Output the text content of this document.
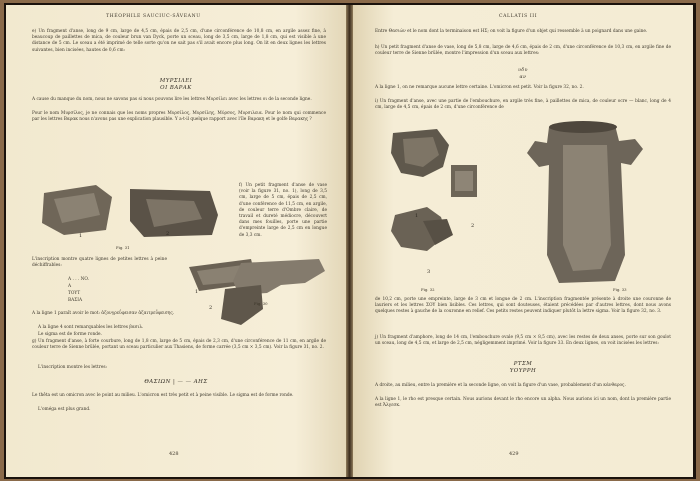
THÉOPHILE SAUCIUC-SĂVEANU

e) Un fragment d'anse, long de 9 cm, large de 4,5 cm, épais de 2,5 cm, d'une circonférence de 10,8 cm, en argile assez fine, à beaucoup de paillettes de mica, de couleur brun van Dyck, porte un sceau, long de 3,5 cm, large de 1,8 cm, qui est visible à une distance de 5 cm. Le sceau a été imprimé de telle sorte qu'on ne sait pas s'il avait encore plus long. On lit en deux lignes les lettres suivantes, bien incisées, hautes de 0,6 cm:

ΜΥΡΣΙΛΕΙ
ΟΙ ΒΑΡΑΚ

A cause du manque du nom, nous ne savons pas si nous pouvons lire les lettres Μυρσίλει avec les lettres οι de la seconde ligne.

Pour le nom Μυρσίλος, je ne connais que les noms propres Μυρσίλος, Μυρσίλης, Μύρσος, Μυρσιλεια. Pour le nom qui commence par les lettres Βαρακ nous n'avons pas une explication plausible. Y a-t-il quelque rapport avec l'île Βαρακη et le golfe Βαρακης ?

1	2
Fig. 31

f) Un petit fragment d'anse de vase (voir la figure 31, no. 1), long de 3,5 cm, large de 5 cm, épais de 2,5 cm, d'une conférence de 11,5 cm, en argile, de couleur terre d'Ombre claire, de travail et dureté médiocre, découvert dans mes fouilles, porte une partie d'empreinte large de 2,5 cm en longue de 3,3 cm.

L'inscription montre quatre lignes de petites lettres à peine déchiffrables:

Α . . . ΝΟ.
Α
ΤΟΥΤ
ΒΑΣΙΑ
1
2
Fig. 30

A la ligne 1 paraît avoir le mot: ἀζονγρεΰφεισαν ἀζαιτρεΰφεισης.

A la ligne 4 sont remarquables les lettres βασιλ.

Le sigma est de forme ronde.

g) Un fragment d'anse, à forte courbure, long de 1,8 cm, large de 5 cm, épais de 2,3 cm, d'une circonférence de 11 cm, en argile de couleur terre de Sienne brûlée, portant un sceau particulier aux Thasiens, de forme carrée (3,5 cm × 3,5 cm). Voir la figure 31, no. 2.

L'inscription montre les lettres:

ΘΑΣΙΩΝ | — — ΑΗΣ

Le thêta est un omicron avec le point au milieu. L'omicron est très petit et à peine visible. Le sigma est de forme ronde.

L'oméga est plus grand.

428
CALLATIS III

Entre Θασιών et le nom dont la terminaison est ΗΣ; on voit la figure d'un objet qui ressemble à un poignard dans une gaine.

h) Un petit fragment d'anse de vase, long de 5,8 cm, large de 4,6 cm, épais de 2 cm, d'une circonférence de 10,3 cm, en argile fine de couleur terre de Sienne brûlée, montre l'impression d'un sceau aux lettres:

υδυ
αν

A la ligne 1, on ne remarque aucune lettre certaine. L'omicron est petit. Voir la figure 32, no. 2.

i) Un fragment d'anse, avec une partie de l'embouchure, en argile très fine, à paillettes de mica, de couleur ocre — blanc, long de 4 cm, large de 4,5 cm, épais de 2 cm, d'une circonférence de

1
2
3
Fig. 32	Fig. 33

de 10,2 cm, porte une empreinte, large de 3 cm et longue de 2 cm. L'inscription fragmentée présente à droite une couronne de lauriers et les lettres ΣΟΥ bien lisibles. Ces lettres, qui sont douteuses, étaient précédées par d'autres lettres, dont nous avons quelques restes à gauche de la couronne en relief. Ces petits restes peuvent indiquer plutôt la lettre sigma. Voir la figure 32, no. 3.

j) Un fragment d'amphore, long de 14 cm, l'embouchure ovale (9,5 cm × 8,5 cm), avec les restes de deux anses, porte sur son goulot un sceau, long de 4,5 cm, et large de 2,5 cm, négligemment imprimé. Voir la figure 33. En deux lignes, on voit incisées les lettres:

ΡΤΣΜ
ΥΟΥΡΡΗ

A droite, au milieu, entre la première et la seconde ligne, on voit la figure d'un vase, probablement d'un κάνθαρος.

A la ligne 1, le rho est presque certain. Nous aurions devant le rho encore un alpha. Nous aurions ici un nom, dont la première partie est Ἀλγεσκ.

429
